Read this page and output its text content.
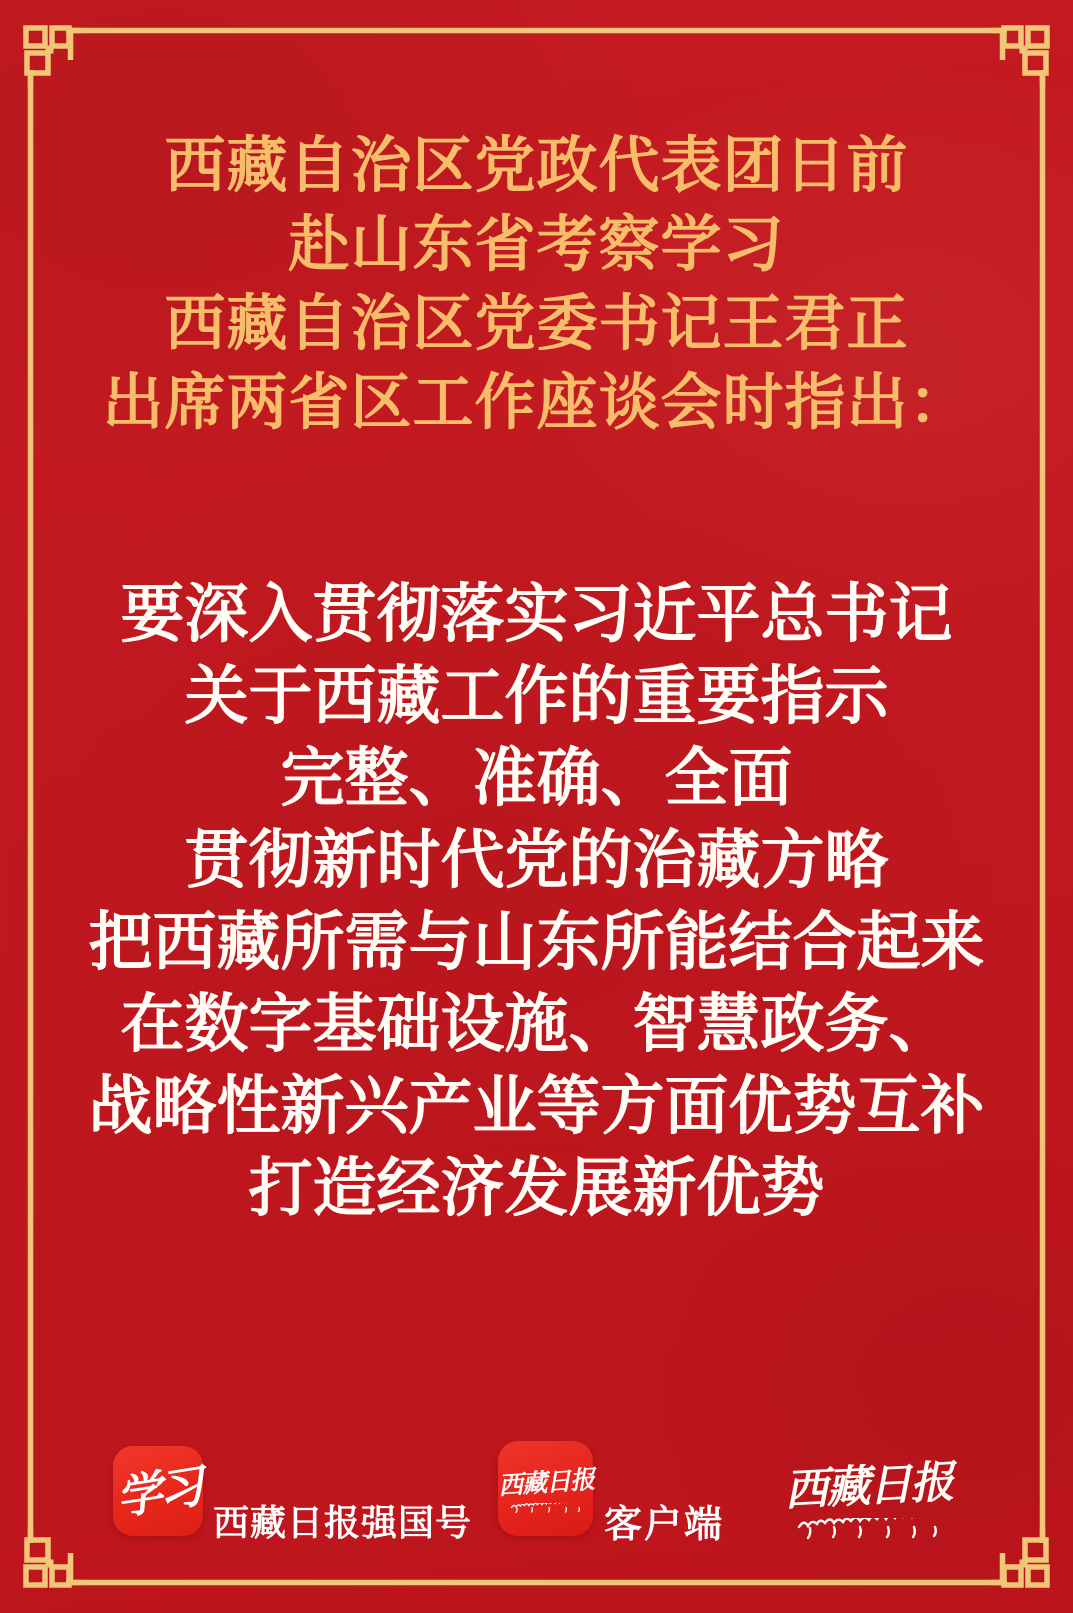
西藏自治区党政代表团日前
赴山东省考察学习
西藏自治区党委书记王君正
出席两省区工作座谈会时指出：
要深入贯彻落实习近平总书记
关于西藏工作的重要指示
完整、准确、全面
贯彻新时代党的治藏方略
把西藏所需与山东所能结合起来
在数字基础设施、智慧政务、
战略性新兴产业等方面优势互补
打造经济发展新优势
学习 西藏日报强国号
西藏日报
客户端
西藏日报
